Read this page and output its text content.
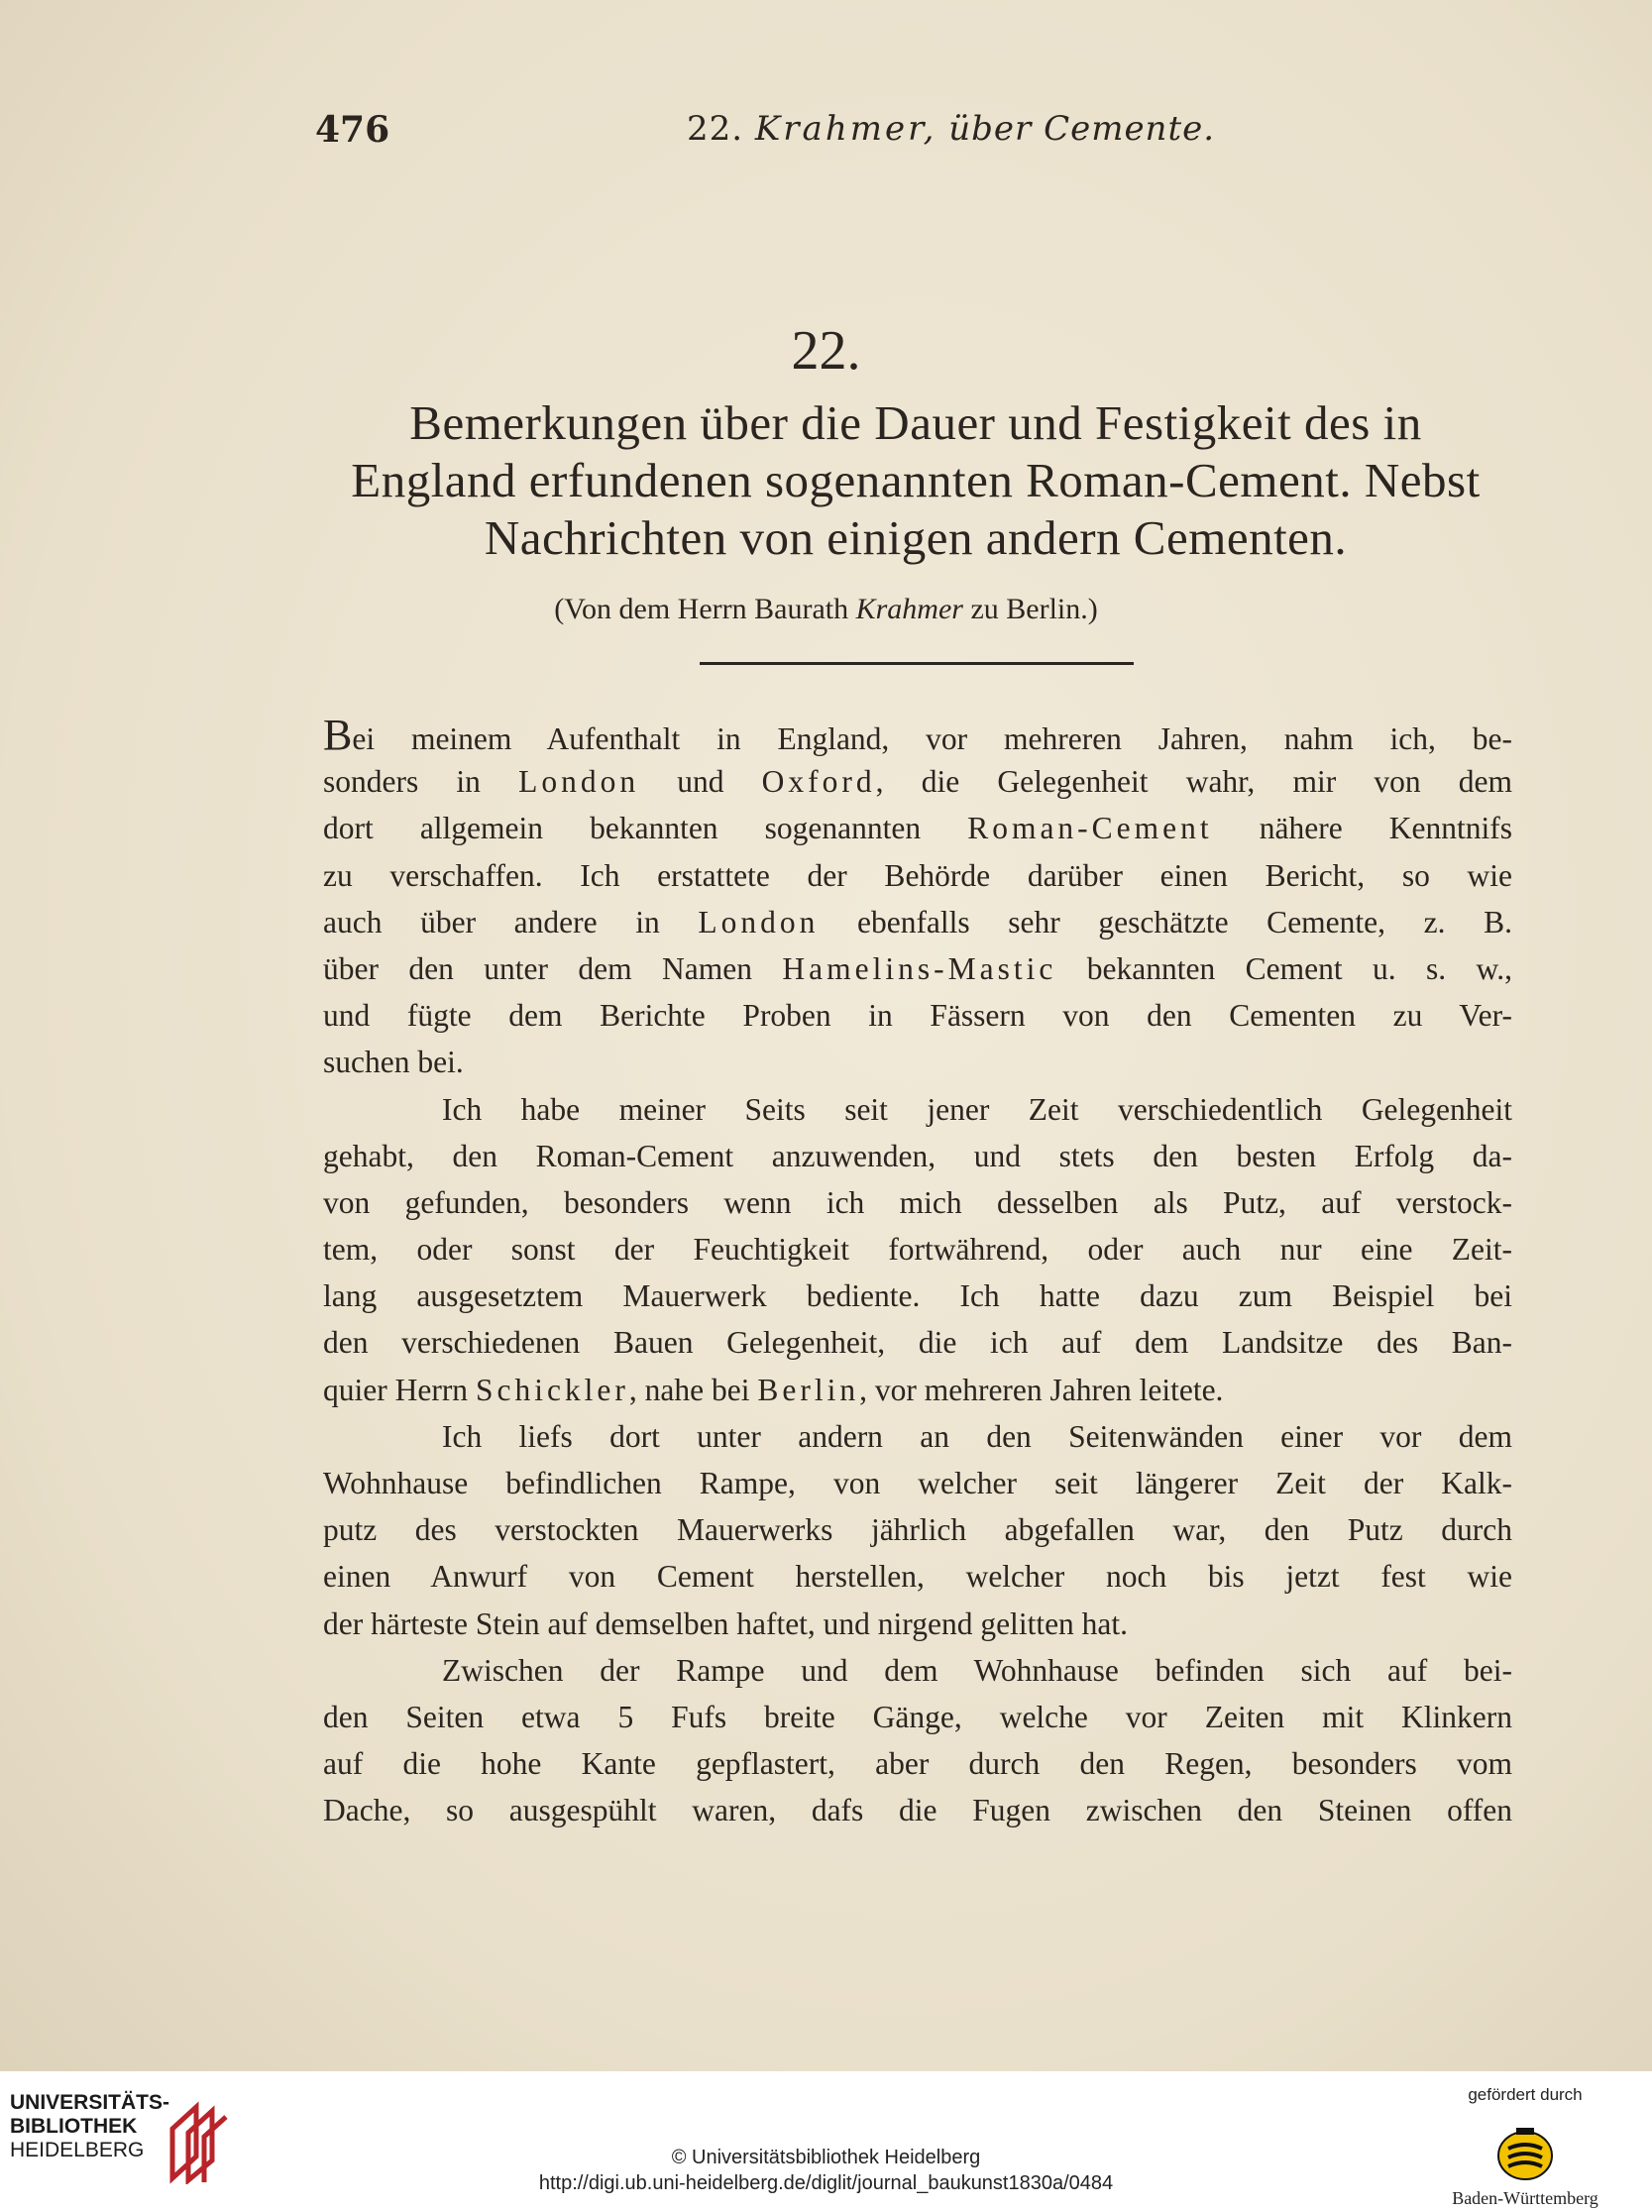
476	22. Krahmer, über Cemente.
22.
Bemerkungen über die Dauer und Festigkeit des in
England erfundenen sogenannten Roman-Cement. Nebst
Nachrichten von einigen andern Cementen.
(Von dem Herrn Baurath Krahmer zu Berlin.)
Bei meinem Aufenthalt in England, vor mehreren Jahren, nahm ich, be-
sonders in London und Oxford, die Gelegenheit wahr, mir von dem
dort allgemein bekannten sogenannten Roman-Cement nähere Kenntnifs
zu verschaffen. Ich erstattete der Behörde darüber einen Bericht, so wie
auch über andere in London ebenfalls sehr geschätzte Cemente, z. B.
über den unter dem Namen Hamelins-Mastic bekannten Cement u. s. w.,
und fügte dem Berichte Proben in Fässern von den Cementen zu Ver-
suchen bei.
Ich habe meiner Seits seit jener Zeit verschiedentlich Gelegenheit
gehabt, den Roman-Cement anzuwenden, und stets den besten Erfolg da-
von gefunden, besonders wenn ich mich desselben als Putz, auf verstock-
tem, oder sonst der Feuchtigkeit fortwährend, oder auch nur eine Zeit-
lang ausgesetztem Mauerwerk bediente. Ich hatte dazu zum Beispiel bei
den verschiedenen Bauen Gelegenheit, die ich auf dem Landsitze des Ban-
quier Herrn Schickler, nahe bei Berlin, vor mehreren Jahren leitete.
Ich liefs dort unter andern an den Seitenwänden einer vor dem
Wohnhause befindlichen Rampe, von welcher seit längerer Zeit der Kalk-
putz des verstockten Mauerwerks jährlich abgefallen war, den Putz durch
einen Anwurf von Cement herstellen, welcher noch bis jetzt fest wie
der härteste Stein auf demselben haftet, und nirgend gelitten hat.
Zwischen der Rampe und dem Wohnhause befinden sich auf bei-
den Seiten etwa 5 Fufs breite Gänge, welche vor Zeiten mit Klinkern
auf die hohe Kante gepflastert, aber durch den Regen, besonders vom
Dache, so ausgespühlt waren, dafs die Fugen zwischen den Steinen offen
UNIVERSITÄTS-
BIBLIOTHEK
HEIDELBERG	© Universitätsbibliothek Heidelberg
http://digi.ub.uni-heidelberg.de/diglit/journal_baukunst1830a/0484
gefördert durch
Baden-Württemberg
